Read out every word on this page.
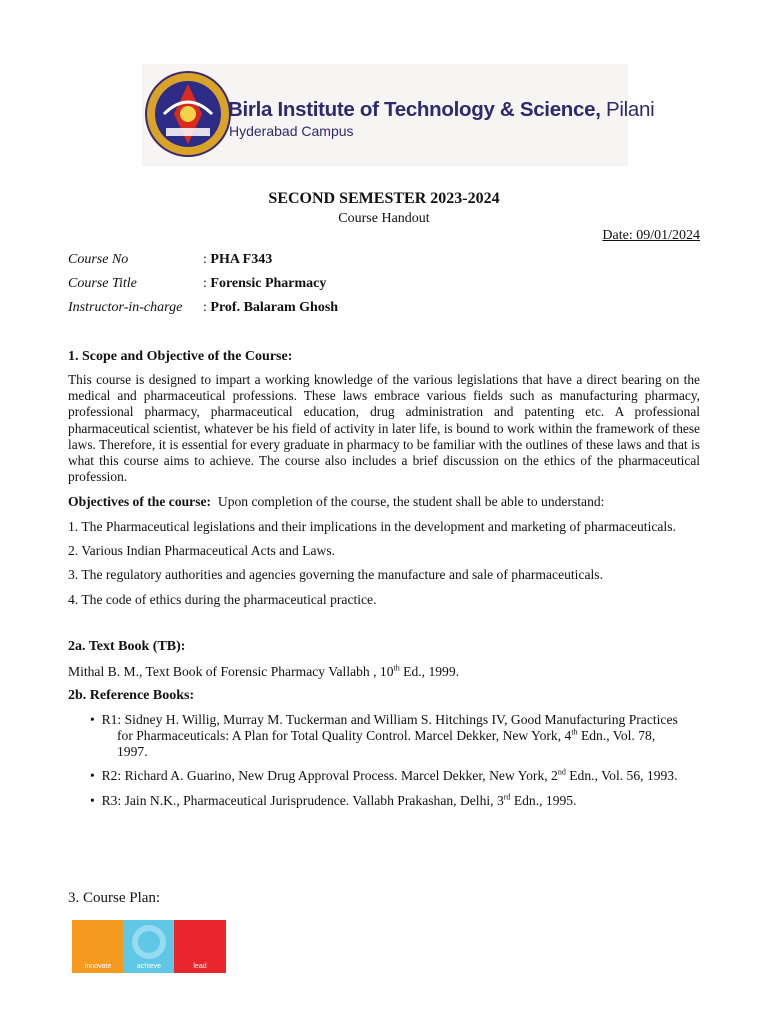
Birla Institute of Technology & Science, Pilani
Hyderabad Campus
SECOND SEMESTER 2023-2024
Course Handout
Date: 09/01/2024
Course No	: PHA F343
Course Title	: Forensic Pharmacy
Instructor-in-charge : Prof. Balaram Ghosh
1. Scope and Objective of the Course:
This course is designed to impart a working knowledge of the various legislations that have a direct bearing on the medical and pharmaceutical professions. These laws embrace various fields such as manufacturing pharmacy, professional pharmacy, pharmaceutical education, drug administration and patenting etc. A professional pharmaceutical scientist, whatever be his field of activity in later life, is bound to work within the framework of these laws. Therefore, it is essential for every graduate in pharmacy to be familiar with the outlines of these laws and that is what this course aims to achieve. The course also includes a brief discussion on the ethics of the pharmaceutical profession.
Objectives of the course: Upon completion of the course, the student shall be able to understand:
1. The Pharmaceutical legislations and their implications in the development and marketing of pharmaceuticals.
2. Various Indian Pharmaceutical Acts and Laws.
3. The regulatory authorities and agencies governing the manufacture and sale of pharmaceuticals.
4. The code of ethics during the pharmaceutical practice.
2a. Text Book (TB):
Mithal B. M., Text Book of Forensic Pharmacy Vallabh , 10th Ed., 1999.
2b. Reference Books:
•  R1: Sidney H. Willig, Murray M. Tuckerman and William S. Hitchings IV, Good Manufacturing Practices
for Pharmaceuticals: A Plan for Total Quality Control. Marcel Dekker, New York, 4th Edn., Vol. 78,
1997.
•  R2: Richard A. Guarino, New Drug Approval Process. Marcel Dekker, New York, 2nd Edn., Vol. 56, 1993.
•  R3: Jain N.K., Pharmaceutical Jurisprudence. Vallabh Prakashan, Delhi, 3rd Edn., 1995.
3. Course Plan:
innovate	achieve	lead
